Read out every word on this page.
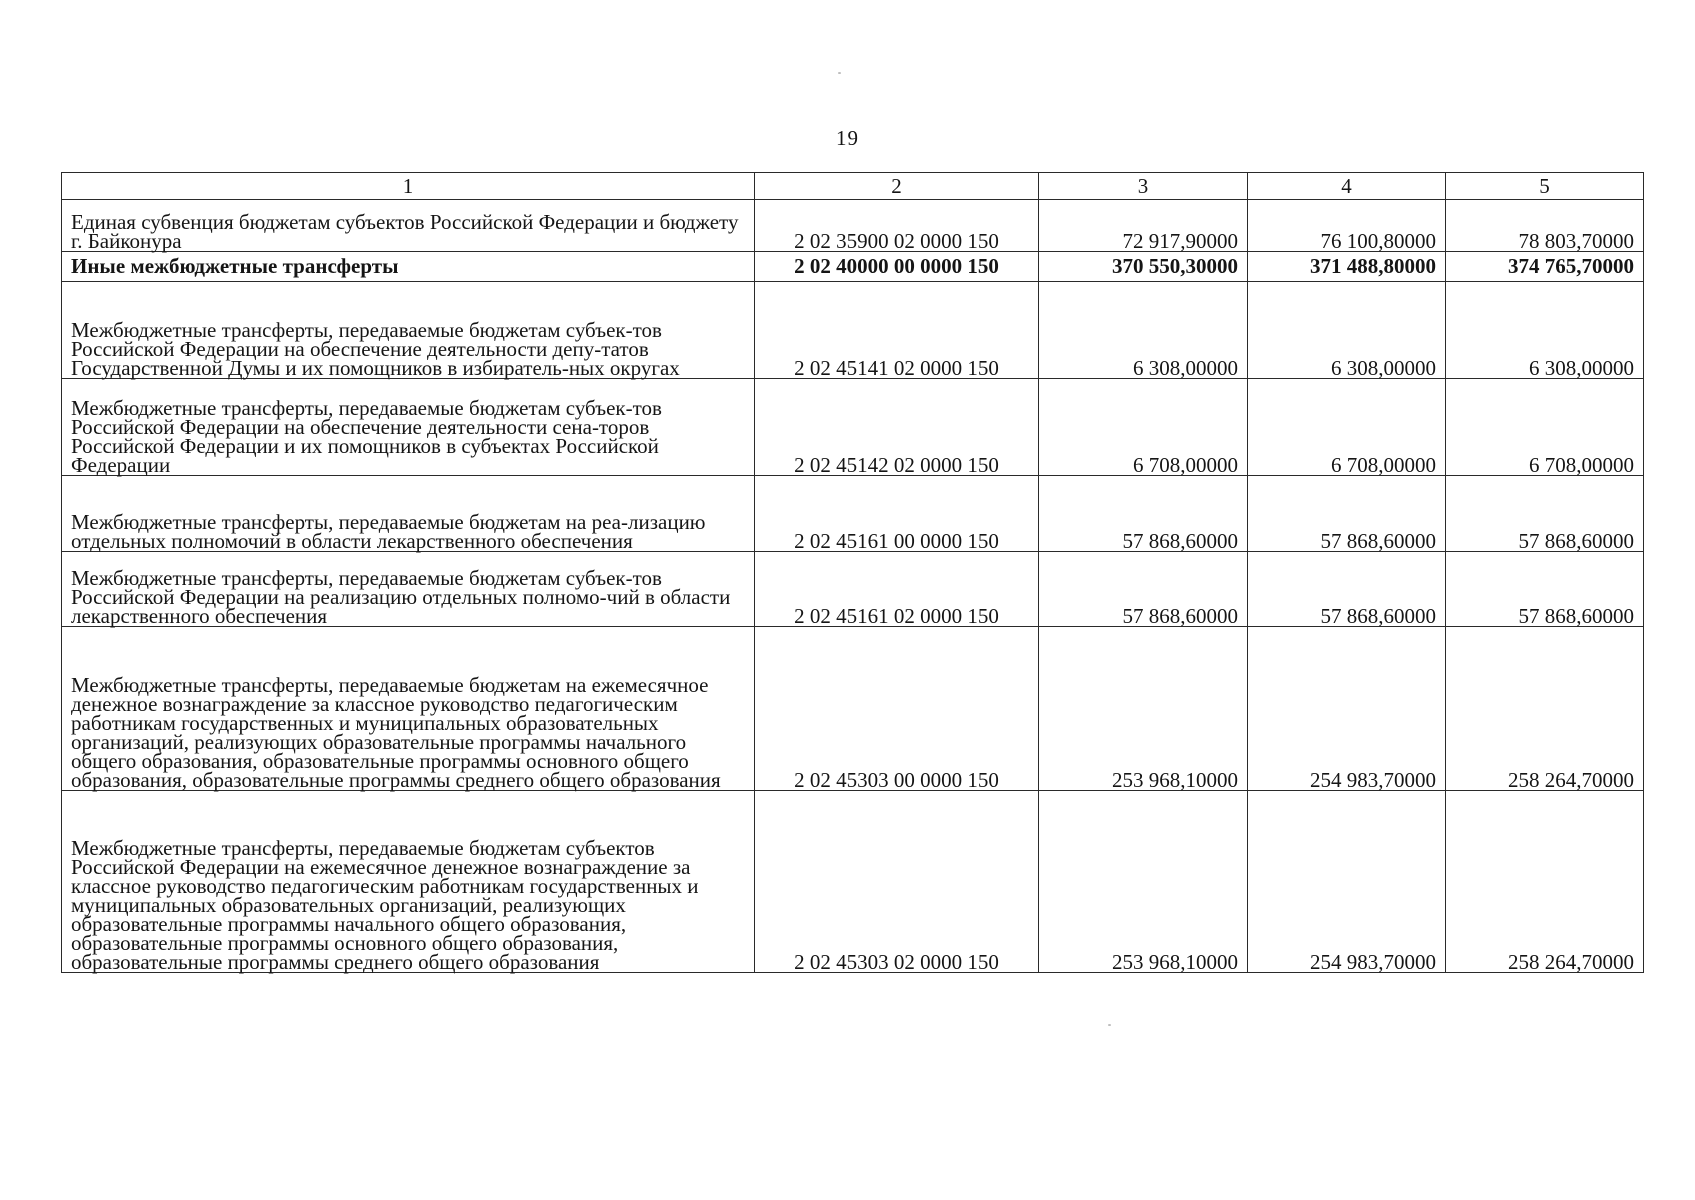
19
1	2	3	4	5
Единая субвенция бюджетам субъектов Российской Федерации и бюджету г. Байконура	2 02 35900 02 0000 150	72 917,90000	76 100,80000	78 803,70000
Иные межбюджетные трансферты	2 02 40000 00 0000 150	370 550,30000	371 488,80000	374 765,70000
Межбюджетные трансферты, передаваемые бюджетам субъек-тов Российской Федерации на обеспечение деятельности депу-татов Государственной Думы и их помощников в избиратель-ных округах	2 02 45141 02 0000 150	6 308,00000	6 308,00000	6 308,00000
Межбюджетные трансферты, передаваемые бюджетам субъек-тов Российской Федерации на обеспечение деятельности сена-торов Российской Федерации и их помощников в субъектах Российской Федерации	2 02 45142 02 0000 150	6 708,00000	6 708,00000	6 708,00000
Межбюджетные трансферты, передаваемые бюджетам на реа-лизацию отдельных полномочий в области лекарственного обеспечения	2 02 45161 00 0000 150	57 868,60000	57 868,60000	57 868,60000
Межбюджетные трансферты, передаваемые бюджетам субъек-тов Российской Федерации на реализацию отдельных полномо-чий в области лекарственного обеспечения	2 02 45161 02 0000 150	57 868,60000	57 868,60000	57 868,60000
Межбюджетные трансферты, передаваемые бюджетам на ежемесячное денежное вознаграждение за классное руководство педагогическим работникам государственных и муниципальных образовательных организаций, реализующих образовательные программы начального общего образования, образовательные программы основного общего образования, образовательные программы среднего общего образования	2 02 45303 00 0000 150	253 968,10000	254 983,70000	258 264,70000
Межбюджетные трансферты, передаваемые бюджетам субъектов Российской Федерации на ежемесячное денежное вознаграждение за классное руководство педагогическим работникам государственных и муниципальных образовательных организаций, реализующих образовательные программы начального общего образования, образовательные программы основного общего образования, образовательные программы среднего общего образования	2 02 45303 02 0000 150	253 968,10000	254 983,70000	258 264,70000
